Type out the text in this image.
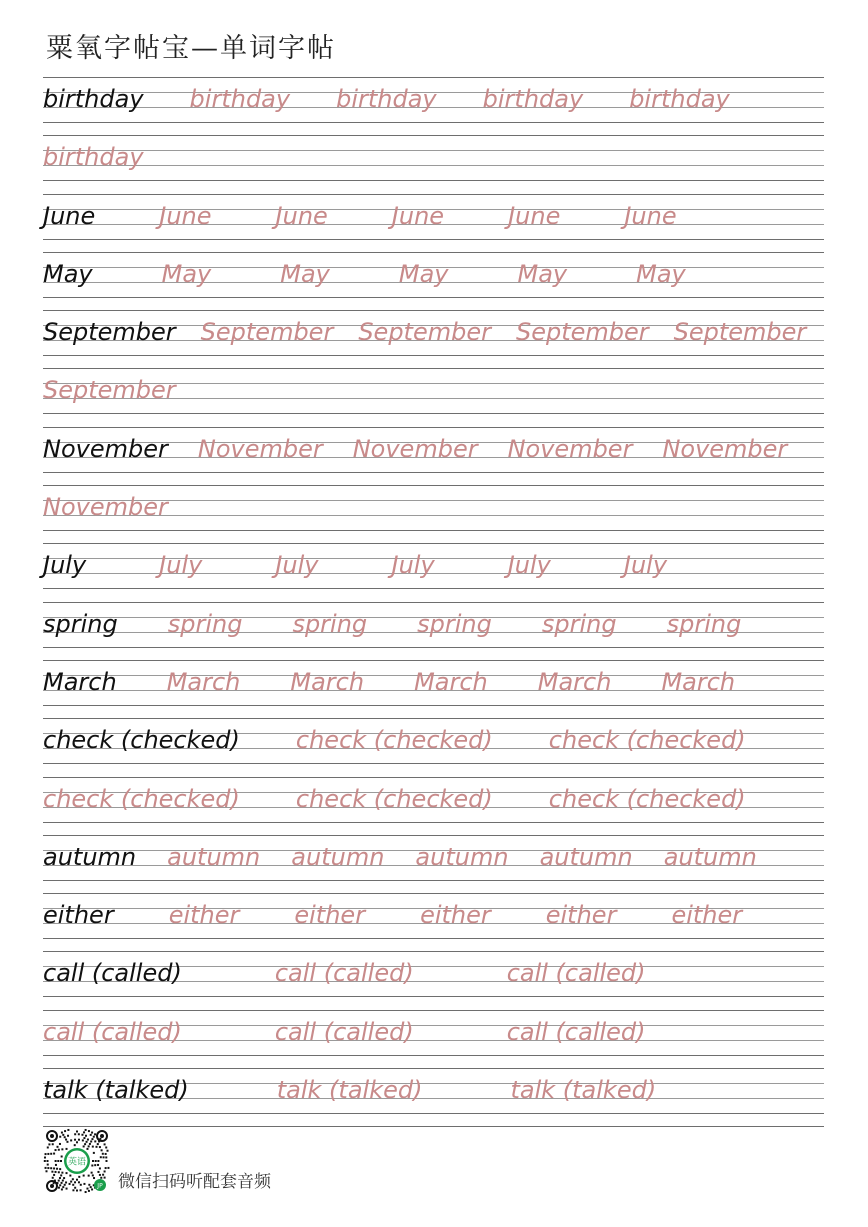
粟氧字帖宝—单词字帖
birthday birthday birthday birthday birthday
birthday
June	June	June	June	June	June
May	May	May	May	May	May
September September September September September
September
November November November November November
November
July	July	July	July	July	July
spring spring spring spring spring spring
March March March March March March
check (checked) check (checked) check (checked)
check (checked) check (checked) check (checked)
autumn autumn autumn autumn autumn autumn
either either either either either either
call (called)	call (called)	call (called)
call (called)	call (called)	call (called)
talk (talked)	talk (talked)	talk (talked)
英语
JP 微信扫码听配套音频
